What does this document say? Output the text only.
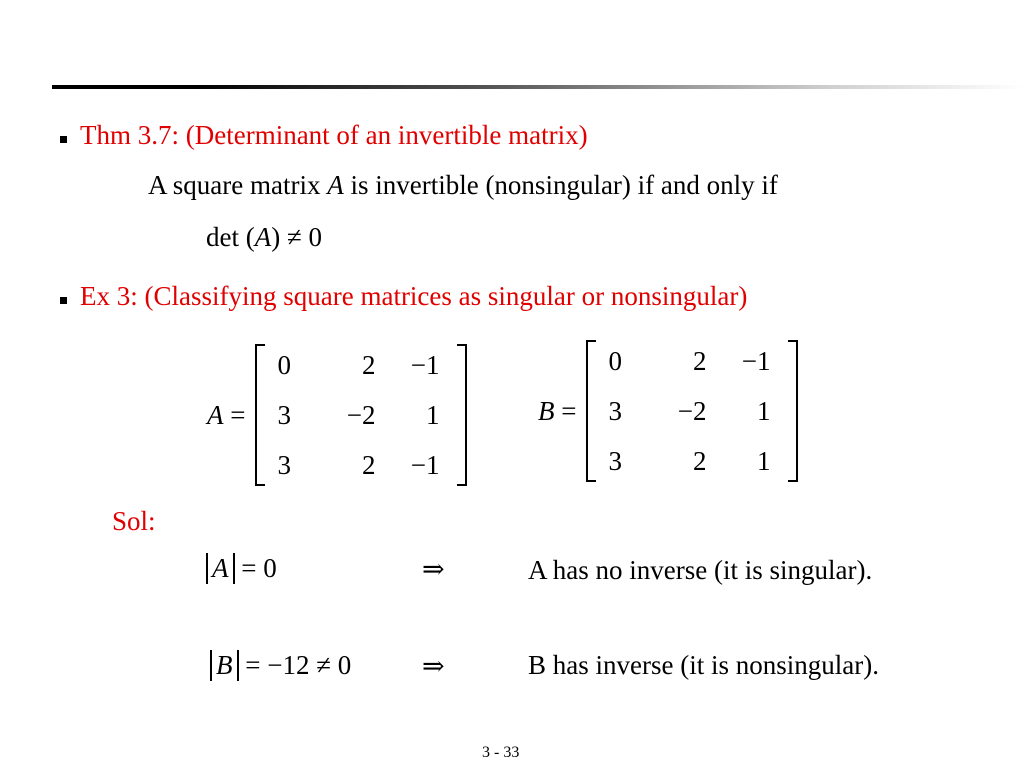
Thm 3.7: (Determinant of an invertible matrix)
A square matrix A is invertible (nonsingular) if and only if
det (A) ≠ 0
Ex 3: (Classifying square matrices as singular or nonsingular)
A =
0	2	−1
3	−2	1
3	2	−1
B =
0	2	−1
3	−2	1
3	2	1
Sol:
A = 0	⇒	A has no inverse (it is singular).
B = −12 ≠ 0	⇒	B has inverse (it is nonsingular).
3 - 33
